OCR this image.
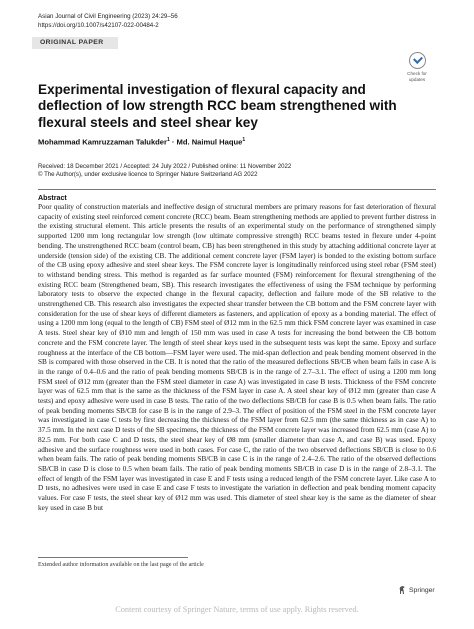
Asian Journal of Civil Engineering (2023) 24:29–56
https://doi.org/10.1007/s42107-022-00484-2
ORIGINAL PAPER
Check for
updates
Experimental investigation of flexural capacity and deflection of low strength RCC beam strengthened with flexural steels and steel shear key
Mohammad Kamruzzaman Talukder$^1$ · Md. Naimul Haque$^1$
Received: 18 December 2021 / Accepted: 24 July 2022 / Published online: 11 November 2022
© The Author(s), under exclusive licence to Springer Nature Switzerland AG 2022
Abstract

Poor quality of construction materials and ineffective design of structural members are primary reasons for fast deterioration of flexural capacity of existing steel reinforced cement concrete (RCC) beam. Beam strengthening methods are applied to prevent further distress in the existing structural element. This article presents the results of an experimental study on the performance of strengthened simply supported 1200 mm long rectangular low strength (low ultimate compressive strength) RCC beams tested in flexure under 4-point bending. The unstrengthened RCC beam (control beam, CB) has been strengthened in this study by attaching additional concrete layer at underside (tension side) of the existing CB. The additional cement concrete layer (FSM layer) is bonded to the existing bottom surface of the CB using epoxy adhesive and steel shear keys. The FSM concrete layer is longitudinally reinforced using steel rebar (FSM steel) to withstand bending stress. This method is regarded as far surface mounted (FSM) reinforcement for flexural strengthening of the existing RCC beam (Strengthened beam, SB). This research investigates the effectiveness of using the FSM technique by performing laboratory tests to observe the expected change in the flexural capacity, deflection and failure mode of the SB relative to the unstrengthened CB. This research also investigates the expected shear transfer between the CB bottom and the FSM concrete layer with consideration for the use of shear keys of different diameters as fasteners, and application of epoxy as a bonding material. The effect of using a 1200 mm long (equal to the length of CB) FSM steel of Ø12 mm in the 62.5 mm thick FSM concrete layer was examined in case A tests. Steel shear key of Ø10 mm and length of 150 mm was used in case A tests for increasing the bond between the CB bottom concrete and the FSM concrete layer. The length of steel shear keys used in the subsequent tests was kept the same. Epoxy and surface roughness at the interface of the CB bottom—FSM layer were used. The mid-span deflection and peak bending moment observed in the SB is compared with those observed in the CB. It is noted that the ratio of the measured deflections SB/CB when beam fails in case A is in the range of 0.4–0.6 and the ratio of peak bending moments SB/CB is in the range of 2.7–3.1. The effect of using a 1200 mm long FSM steel of Ø12 mm (greater than the FSM steel diameter in case A) was investigated in case B tests. Thickness of the FSM concrete layer was of 62.5 mm that is the same as the thickness of the FSM layer in case A. A steel shear key of Ø12 mm (greater than case A tests) and epoxy adhesive were used in case B tests. The ratio of the two deflections SB/CB for case B is 0.5 when beam fails. The ratio of peak bending moments SB/CB for case B is in the range of 2.9–3. The effect of position of the FSM steel in the FSM concrete layer was investigated in case C tests by first decreasing the thickness of the FSM layer from 62.5 mm (the same thickness as in case A) to 37.5 mm. In the next case D tests of the SB specimens, the thickness of the FSM concrete layer was increased from 62.5 mm (case A) to 82.5 mm. For both case C and D tests, the steel shear key of Ø8 mm (smaller diameter than case A, and case B) was used. Epoxy adhesive and the surface roughness were used in both cases. For case C, the ratio of the two observed deflections SB/CB is close to 0.6 when beam fails. The ratio of peak bending moments SB/CB in case C is in the range of 2.4–2.6. The ratio of the observed deflections SB/CB in case D is close to 0.5 when beam fails. The ratio of peak bending moments SB/CB in case D is in the range of 2.8–3.1. The effect of length of the FSM layer was investigated in case E and F tests using a reduced length of the FSM concrete layer. Like case A to D tests, no adhesives were used in case E and case F tests to investigate the variation in deflection and peak bending moment capacity values. For case F tests, the steel shear key of Ø12 mm was used. This diameter of steel shear key is the same as the diameter of shear key used in case B but

Extended author information available on the last page of the article
Springer
Content courtesy of Springer Nature, terms of use apply. Rights reserved.
